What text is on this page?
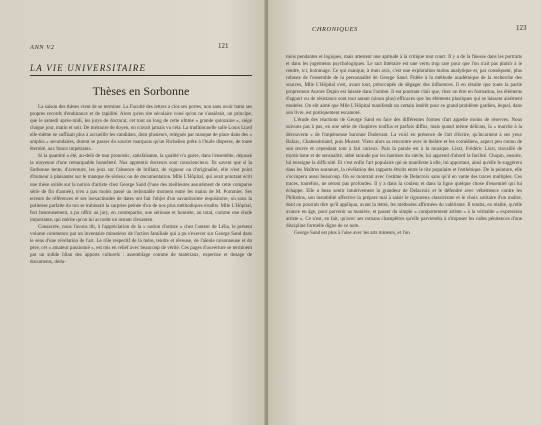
ANN V2	121
LA VIE UNIVERSITAIRE
Thèses en Sorbonne

La saison des thèses vient de se terminer. La Faculté des lettres a clos ses portes, non sans avoir battu ses propres records d'endurance et de rapidité. Alors qu'en rite séculaire voué qu'on ne s'assiérait, un principe, que le samedi après-midi, les jurys de doctorat, cet tout au long de cette ultime « grande quinzaine », siégé chaque jour, matin et soir. De mémoire de doyen, on n'avait jamais vu cela. La traditionnelle salle Louis Liard elle-même ne suffisait plus à accueillir les candidats, dont plusieurs, relégués par manque de place dans des « amphis » secondaires, durent se passer du sourire marquois qu'un Richelieu prête à l'huile disperse, de toute éternité, aux futurs impétrants.

Si la quantité a été, au-delà de tout pronostic, satisfaisante, la qualité n'a guère, dans l'ensemble, dépassé la moyenne d'une remarquable honnêteté. Nos apprentis docteurs sont consciencieux. Ils savent que si la Sorbonne tente, d'aventure, les jeux sur l'absence de brillant, de vigueur ou d'originalité, elle n'est point d'humeur à plaisanter sur le manque de sérieux ou de documentation. Mlle L'Hôpital, qui avait pourtant écrit une thèse solide sur la notion d'artiste chez George Sand (l'une des meilleures assurément de cette comparse série de fin d'année), n'en a pas moins passé un redoutable moment entre les mains de M. Pommier. Ses erreurs de références et ses inexactitudes de dates ont fait l'objet d'un savantissime requisitoire, où sous la politesse parfaite du ton se trahissait la surprise peinée d'un de nos plus méthodiques érudits. Mlle L'Hôpital, fort heureusement, a pu offrir au jury, en contrepartie, une sérieuse et honnête, au total, comme une étude importante, qui mérite qu'on lui accorde un instant d'examen.

Consacrée, nous l'avons dit, à l'appréciation de la « notion d'artiste » chez l'auteur de Lélia, le présent volume commence par un inventaire minutieux de l'action familiale qui a pu s'exercer sur George Sand dans le sens d'une révélation de l'art. Le rôle respectif de la mère, tendre et rêveuse, de l'aïeule raisonneuse et du père, cet « amateur passionné », est mis en relief avec beaucoup de vérité. Ces pages d'ouverture se terminent par un solide bilan des apports culturels : assemblage comme de matériaux, expertise et dosage de documents, dédu-

CHRONIQUES	123

tions pendantes et logiques, mais attestent une aptitude à la critique tout court. Il y a de la finesse dans les portraits et dans les jugements psychologiques. Le tact littéraire est une vertu trop rare pour que l'on n'ait pas plaisir à le rendre, ici, hommage. Ce qui manque, à mon avis, c'est une exploration moins analytique et, par conséquent, plus robuste de l'ensemble de la personnalité de George Sand. Fidèle à la méthode académique de la recherche des sources, Mlle L'Hôpital s'est, avant tout, préoccupée de dégager des influences. Il en résulte que toute la partie proprement Aurore Dupin est laissée dans l'ombre. Il est pourtant clair que, chez un être en formation, les éléments d'apport ou de résistance sont tout autant (sinon plus) efficaces que les éléments plastiques qui se laissent aisément modeler. On eût aimé que Mlle L'Hôpital manifestât un certain intérêt pour ce grand problème gardien, lequel, dans son livre, est pratiquement escamoté.

L'étude des réactions de George Sand en face des différentes formes d'art appelle moins de réserves. Nous suivons pas à pas, en une série de chapitres touffus et parfois diffus, mais quand même délicats, la « marche à la découverte » de l'impétueuse baronne Dudevant. La voici en présence de l'art d'écrire, qu'incarnent à ses yeux Balzac, Chateaubriand, puis Musset. Viens alors sa rencontre avec le théâtre et les comédiens, aspect peu connu de son œuvre et cependant tout à fait curieux. Puis la parole est à la musique. Liszt, Frédéric Liszt, travaillé de mysticisme et de sensualité, abbé taraudé par les hantises du siècle, lui apprend d'abord la facilité. Chopin, ensuite, lui enseigne la difficulté. Et c'est enfin l'art populaire qui se manifeste à elle, lui apportant, ainsi qu'elle le suggérera dans les Maîtres sonneurs, la révélation des rapports étroits entre le rite populaire et l'esthétique. De la peinture, elle s'occupera aussi beaucoup. On se montrait avec l'estime de Delacroix sans qu'il en vante des traces multiples. Ces traces, toutefois, ne seront pas profondes. Il y a dans la couleur et dans la ligne quelque chose d'essentiel qui lui échappe. Elle a beau sentir intuitivement la grandeur de Delacroix et le défendre avec véhémence contre les Philistins, son instabilité affective la prépare mal à saisir le rigoureux classicisme et le choix solitaire d'un maître, dont on pourrait dire qu'il appliqua, avant la lettre, les méthodes affirmées du valérisme. Il tendra, en réalité, qu'elle avance en âge, pour parvenir sa manière, et passer du simple « comportement artiste » à la véritable « expression artiste ». Ce n'est, en fait, qu'avec ses romans champêtres qu'elle parviendra à s'imposer les rudes pénitences d'une discipline formelle digne de ce nom.

George Sand est plus à l'aise avec les arts mineurs, et l'on
